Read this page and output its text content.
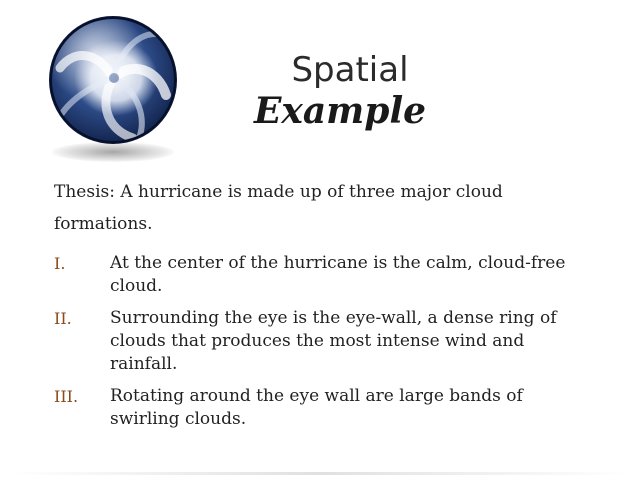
Spatial
Example
Thesis: A hurricane is made up of three major cloud formations.
I.	At the center of the hurricane is the calm, cloud-free cloud.
II. Surrounding the eye is the eye-wall, a dense ring of clouds that produces the most intense wind and rainfall.
III. Rotating around the eye wall are large bands of swirling clouds.
